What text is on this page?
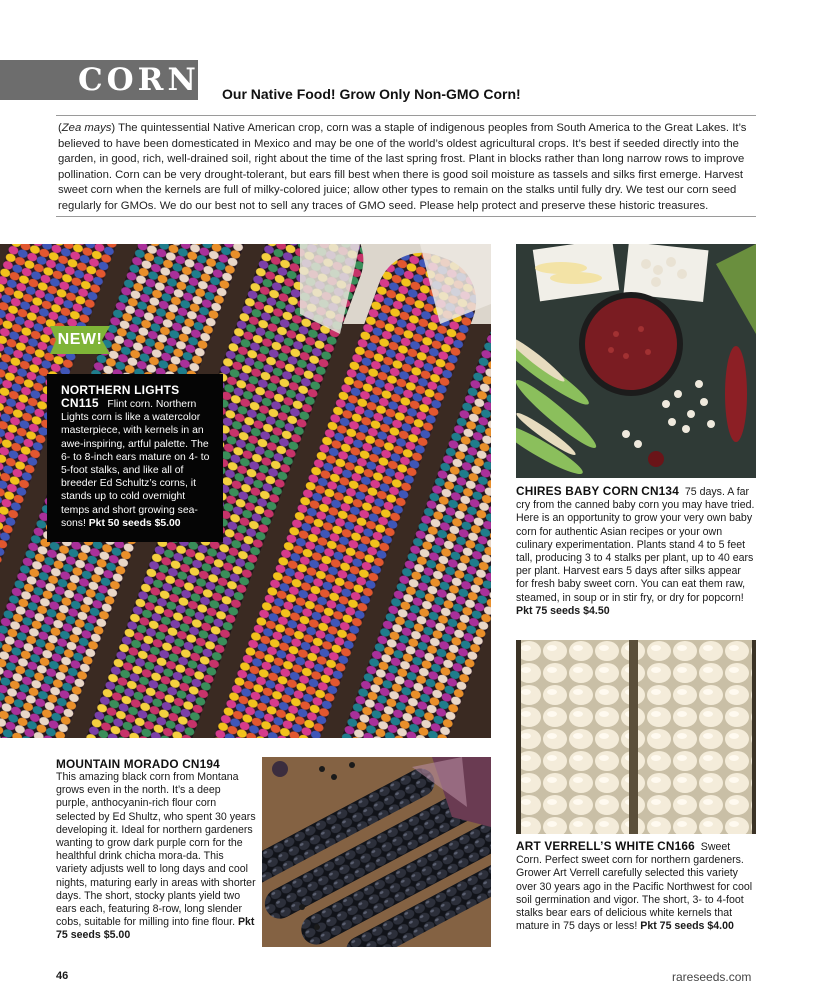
CORN Our Native Food! Grow Only Non-GMO Corn!
(Zea mays) The quintessential Native American crop, corn was a staple of indigenous peoples from South America to the Great Lakes. It’s believed to have been domesticated in Mexico and may be one of the world’s oldest agricultural crops. It’s best if seeded directly into the garden, in good, rich, well-drained soil, right about the time of the last spring frost. Plant in blocks rather than long narrow rows to improve pollination. Corn can be very drought-tolerant, but ears fill best when there is good soil moisture as tassels and silks first emerge. Harvest sweet corn when the kernels are full of milky-colored juice; allow other types to remain on the stalks until fully dry. We test our corn seed regularly for GMOs. We do our best not to sell any traces of GMO seed. Please help protect and preserve these historic treasures.
NEW!
NORTHERN LIGHTS
CN115 Flint corn. Northern Lights corn is like a watercolor masterpiece, with kernels in an awe-inspiring, artful palette. The 6- to 8-inch ears mature on 4- to 5-foot stalks, and like all of breeder Ed Schultz’s corns, it stands up to cold overnight temps and short growing sea-sons! Pkt 50 seeds $5.00
CHIRES BABY CORN CN134 75 days. A far cry from the canned baby corn you may have tried. Here is an opportunity to grow your very own baby corn for authentic Asian recipes or your own culinary experimentation. Plants stand 4 to 5 feet tall, producing 3 to 4 stalks per plant, up to 40 ears per plant. Harvest ears 5 days after silks appear for fresh baby sweet corn. You can eat them raw, steamed, in soup or in stir fry, or dry for popcorn! Pkt 75 seeds $4.50
ART VERRELL’S WHITE CN166 Sweet Corn. Perfect sweet corn for northern gardeners. Grower Art Verrell carefully selected this variety over 30 years ago in the Pacific Northwest for cool soil germination and vigor. The short, 3- to 4-foot stalks bear ears of delicious white kernels that mature in 75 days or less! Pkt 75 seeds $4.00
MOUNTAIN MORADO CN194
This amazing black corn from Montana grows even in the north. It’s a deep purple, anthocyanin-rich flour corn selected by Ed Shultz, who spent 30 years developing it. Ideal for northern gardeners wanting to grow dark purple corn for the healthful drink chicha mora-da. This variety adjusts well to long days and cool nights, maturing early in areas with shorter days. The short, stocky plants yield two ears each, featuring 8-row, long slender cobs, suitable for milling into fine flour. Pkt 75 seeds $5.00
46	rareseeds.com
